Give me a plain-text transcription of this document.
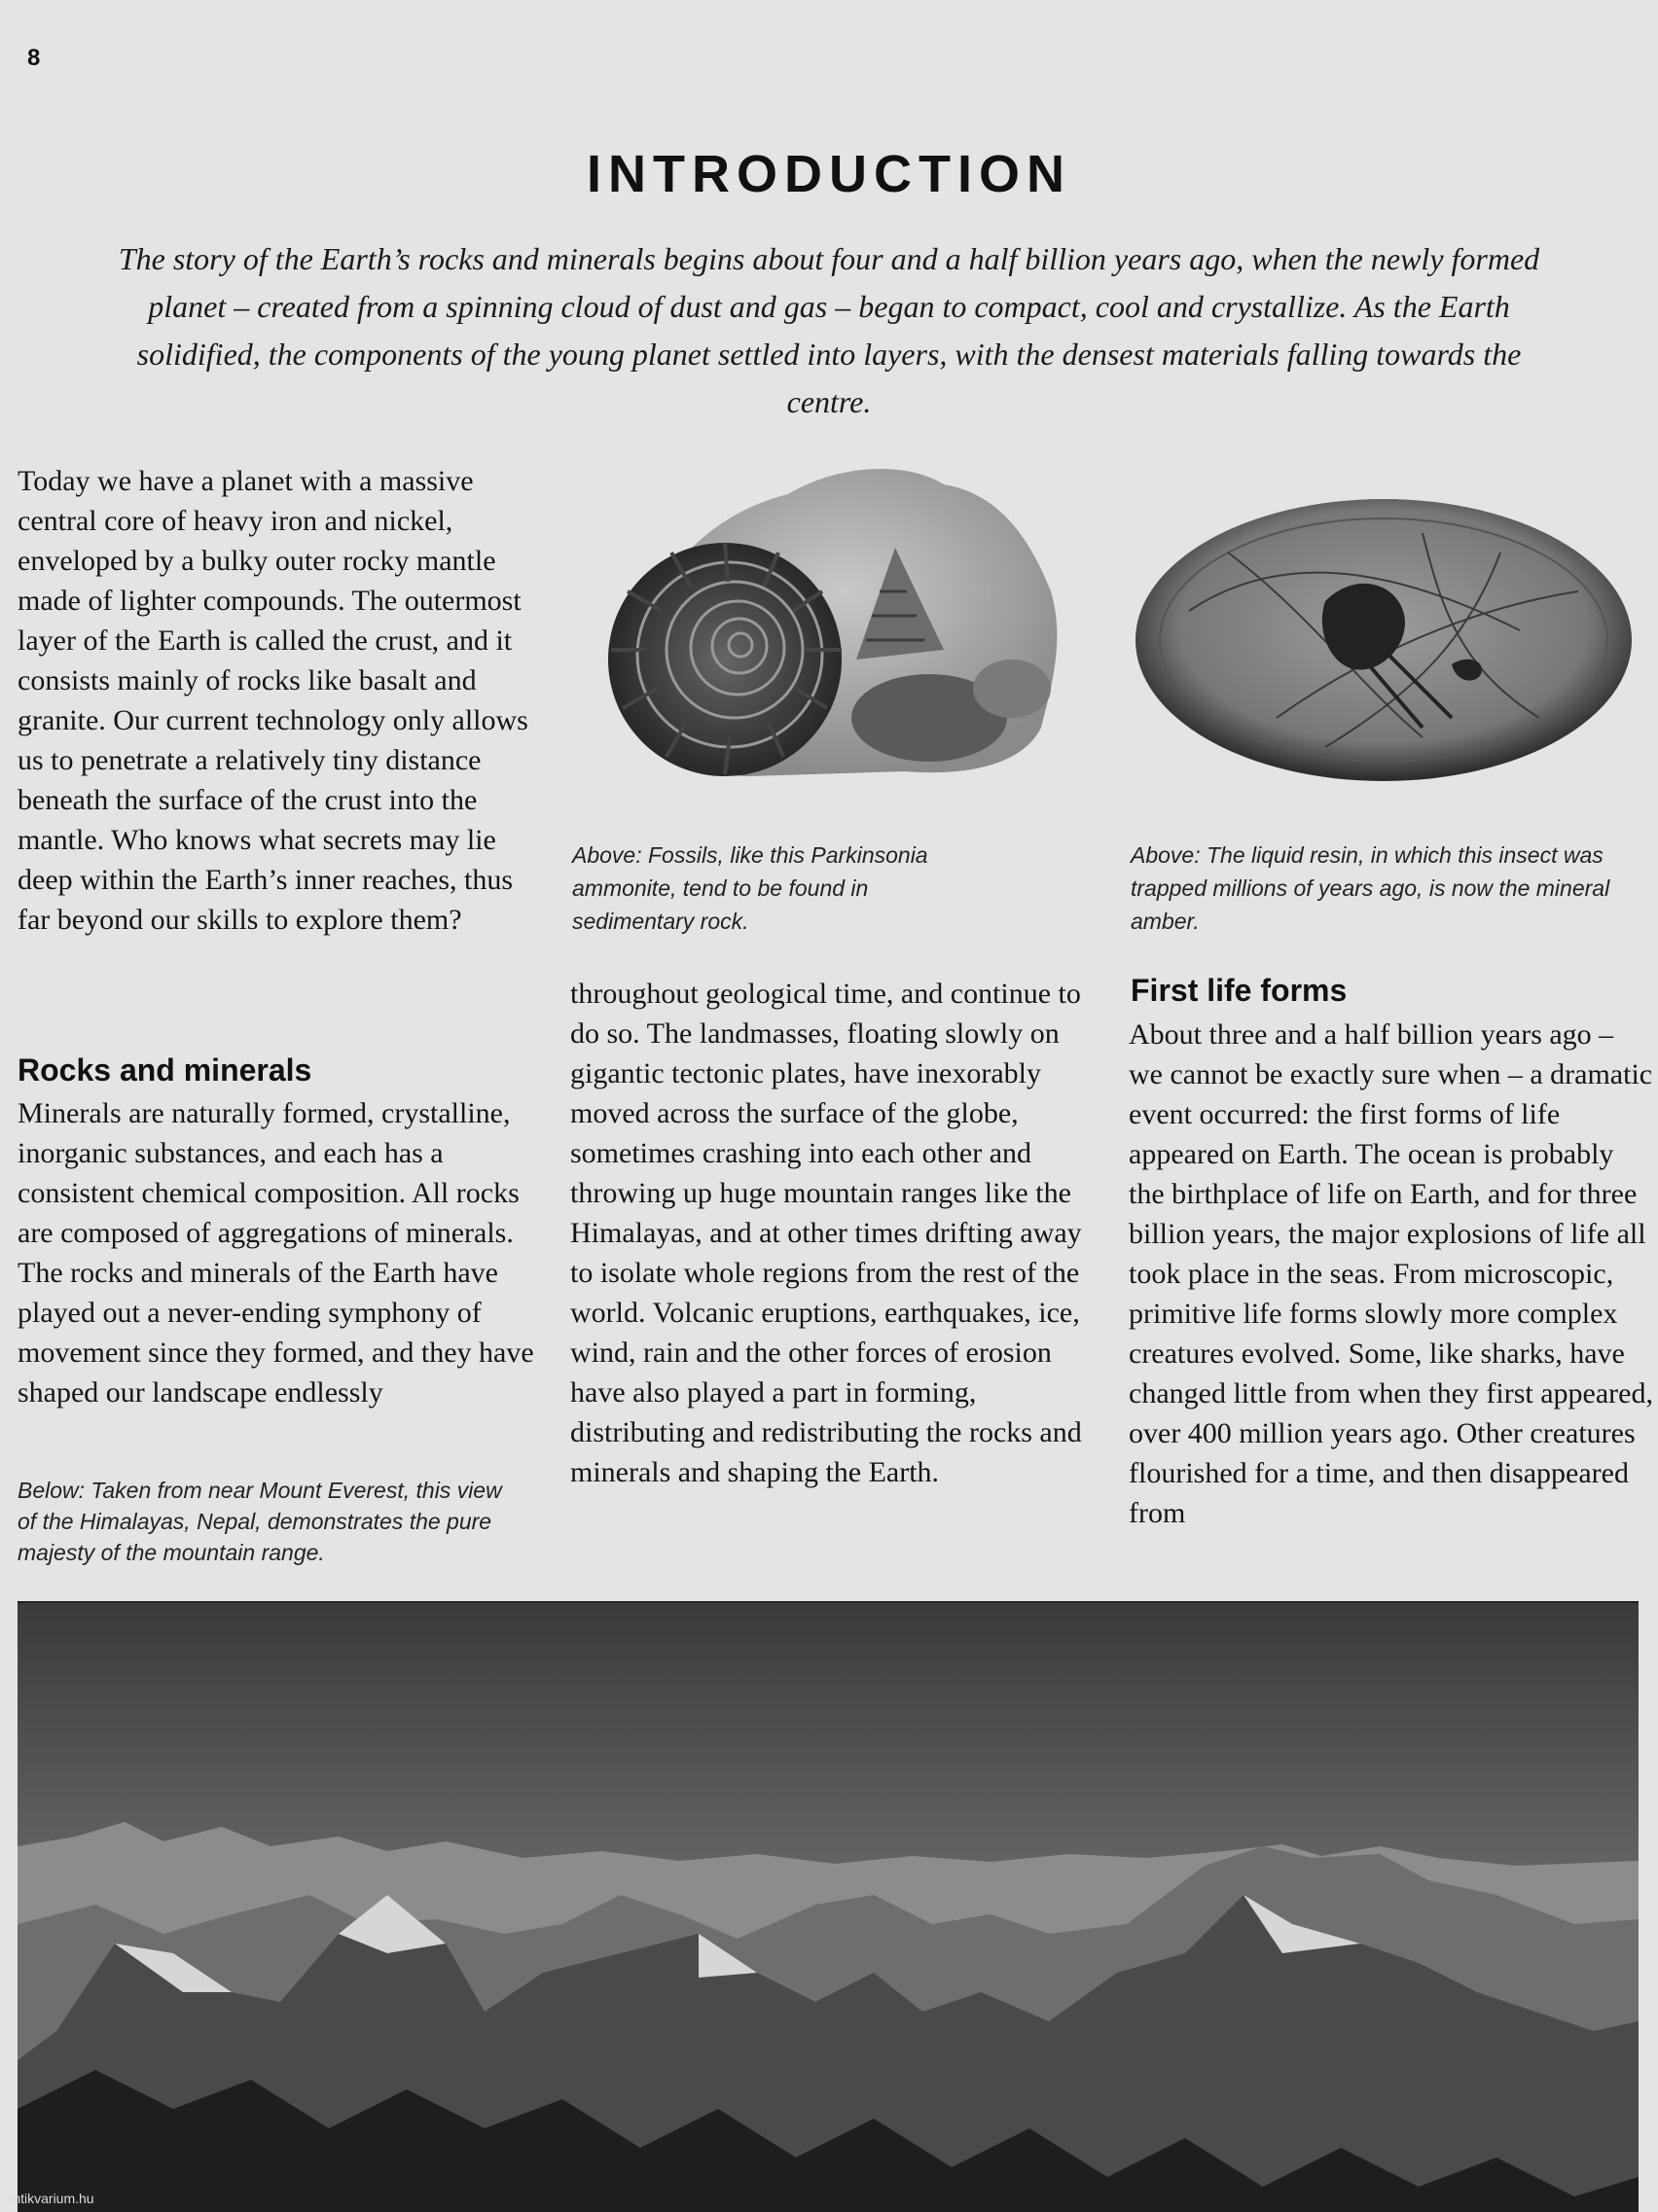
8
INTRODUCTION
The story of the Earth’s rocks and minerals begins about four and a half billion years ago, when the newly formed planet – created from a spinning cloud of dust and gas – began to compact, cool and crystallize. As the Earth solidified, the components of the young planet settled into layers, with the densest materials falling towards the centre.

Today we have a planet with a massive central core of heavy iron and nickel, enveloped by a bulky outer rocky mantle made of lighter compounds. The outermost layer of the Earth is called the crust, and it consists mainly of rocks like basalt and granite. Our current technology only allows us to penetrate a relatively tiny distance beneath the surface of the crust into the mantle. Who knows what secrets may lie deep within the Earth’s inner reaches, thus far beyond our skills to explore them?

Rocks and minerals

Minerals are naturally formed, crystalline, inorganic substances, and each has a consistent chemical composition. All rocks are composed of aggregations of minerals. The rocks and minerals of the Earth have played out a never-ending symphony of movement since they formed, and they have shaped our landscape endlessly

Below: Taken from near Mount Everest, this view of the Himalayas, Nepal, demonstrates the pure majesty of the mountain range.
Above: Fossils, like this Parkinsonia ammonite, tend to be found in sedimentary rock.
Above: The liquid resin, in which this insect was trapped millions of years ago, is now the mineral amber.

throughout geological time, and continue to do so. The landmasses, floating slowly on gigantic tectonic plates, have inexorably moved across the surface of the globe, sometimes crashing into each other and throwing up huge mountain ranges like the Himalayas, and at other times drifting away to isolate whole regions from the rest of the world. Volcanic eruptions, earthquakes, ice, wind, rain and the other forces of erosion have also played a part in forming, distributing and redistributing the rocks and minerals and shaping the Earth.

First life forms

About three and a half billion years ago – we cannot be exactly sure when – a dramatic event occurred: the first forms of life appeared on Earth. The ocean is probably the birthplace of life on Earth, and for three billion years, the major explosions of life all took place in the seas. From microscopic, primitive life forms slowly more complex creatures evolved. Some, like sharks, have changed little from when they first appeared, over 400 million years ago. Other creatures flourished for a time, and then disappeared from

Antikvarium.hu
